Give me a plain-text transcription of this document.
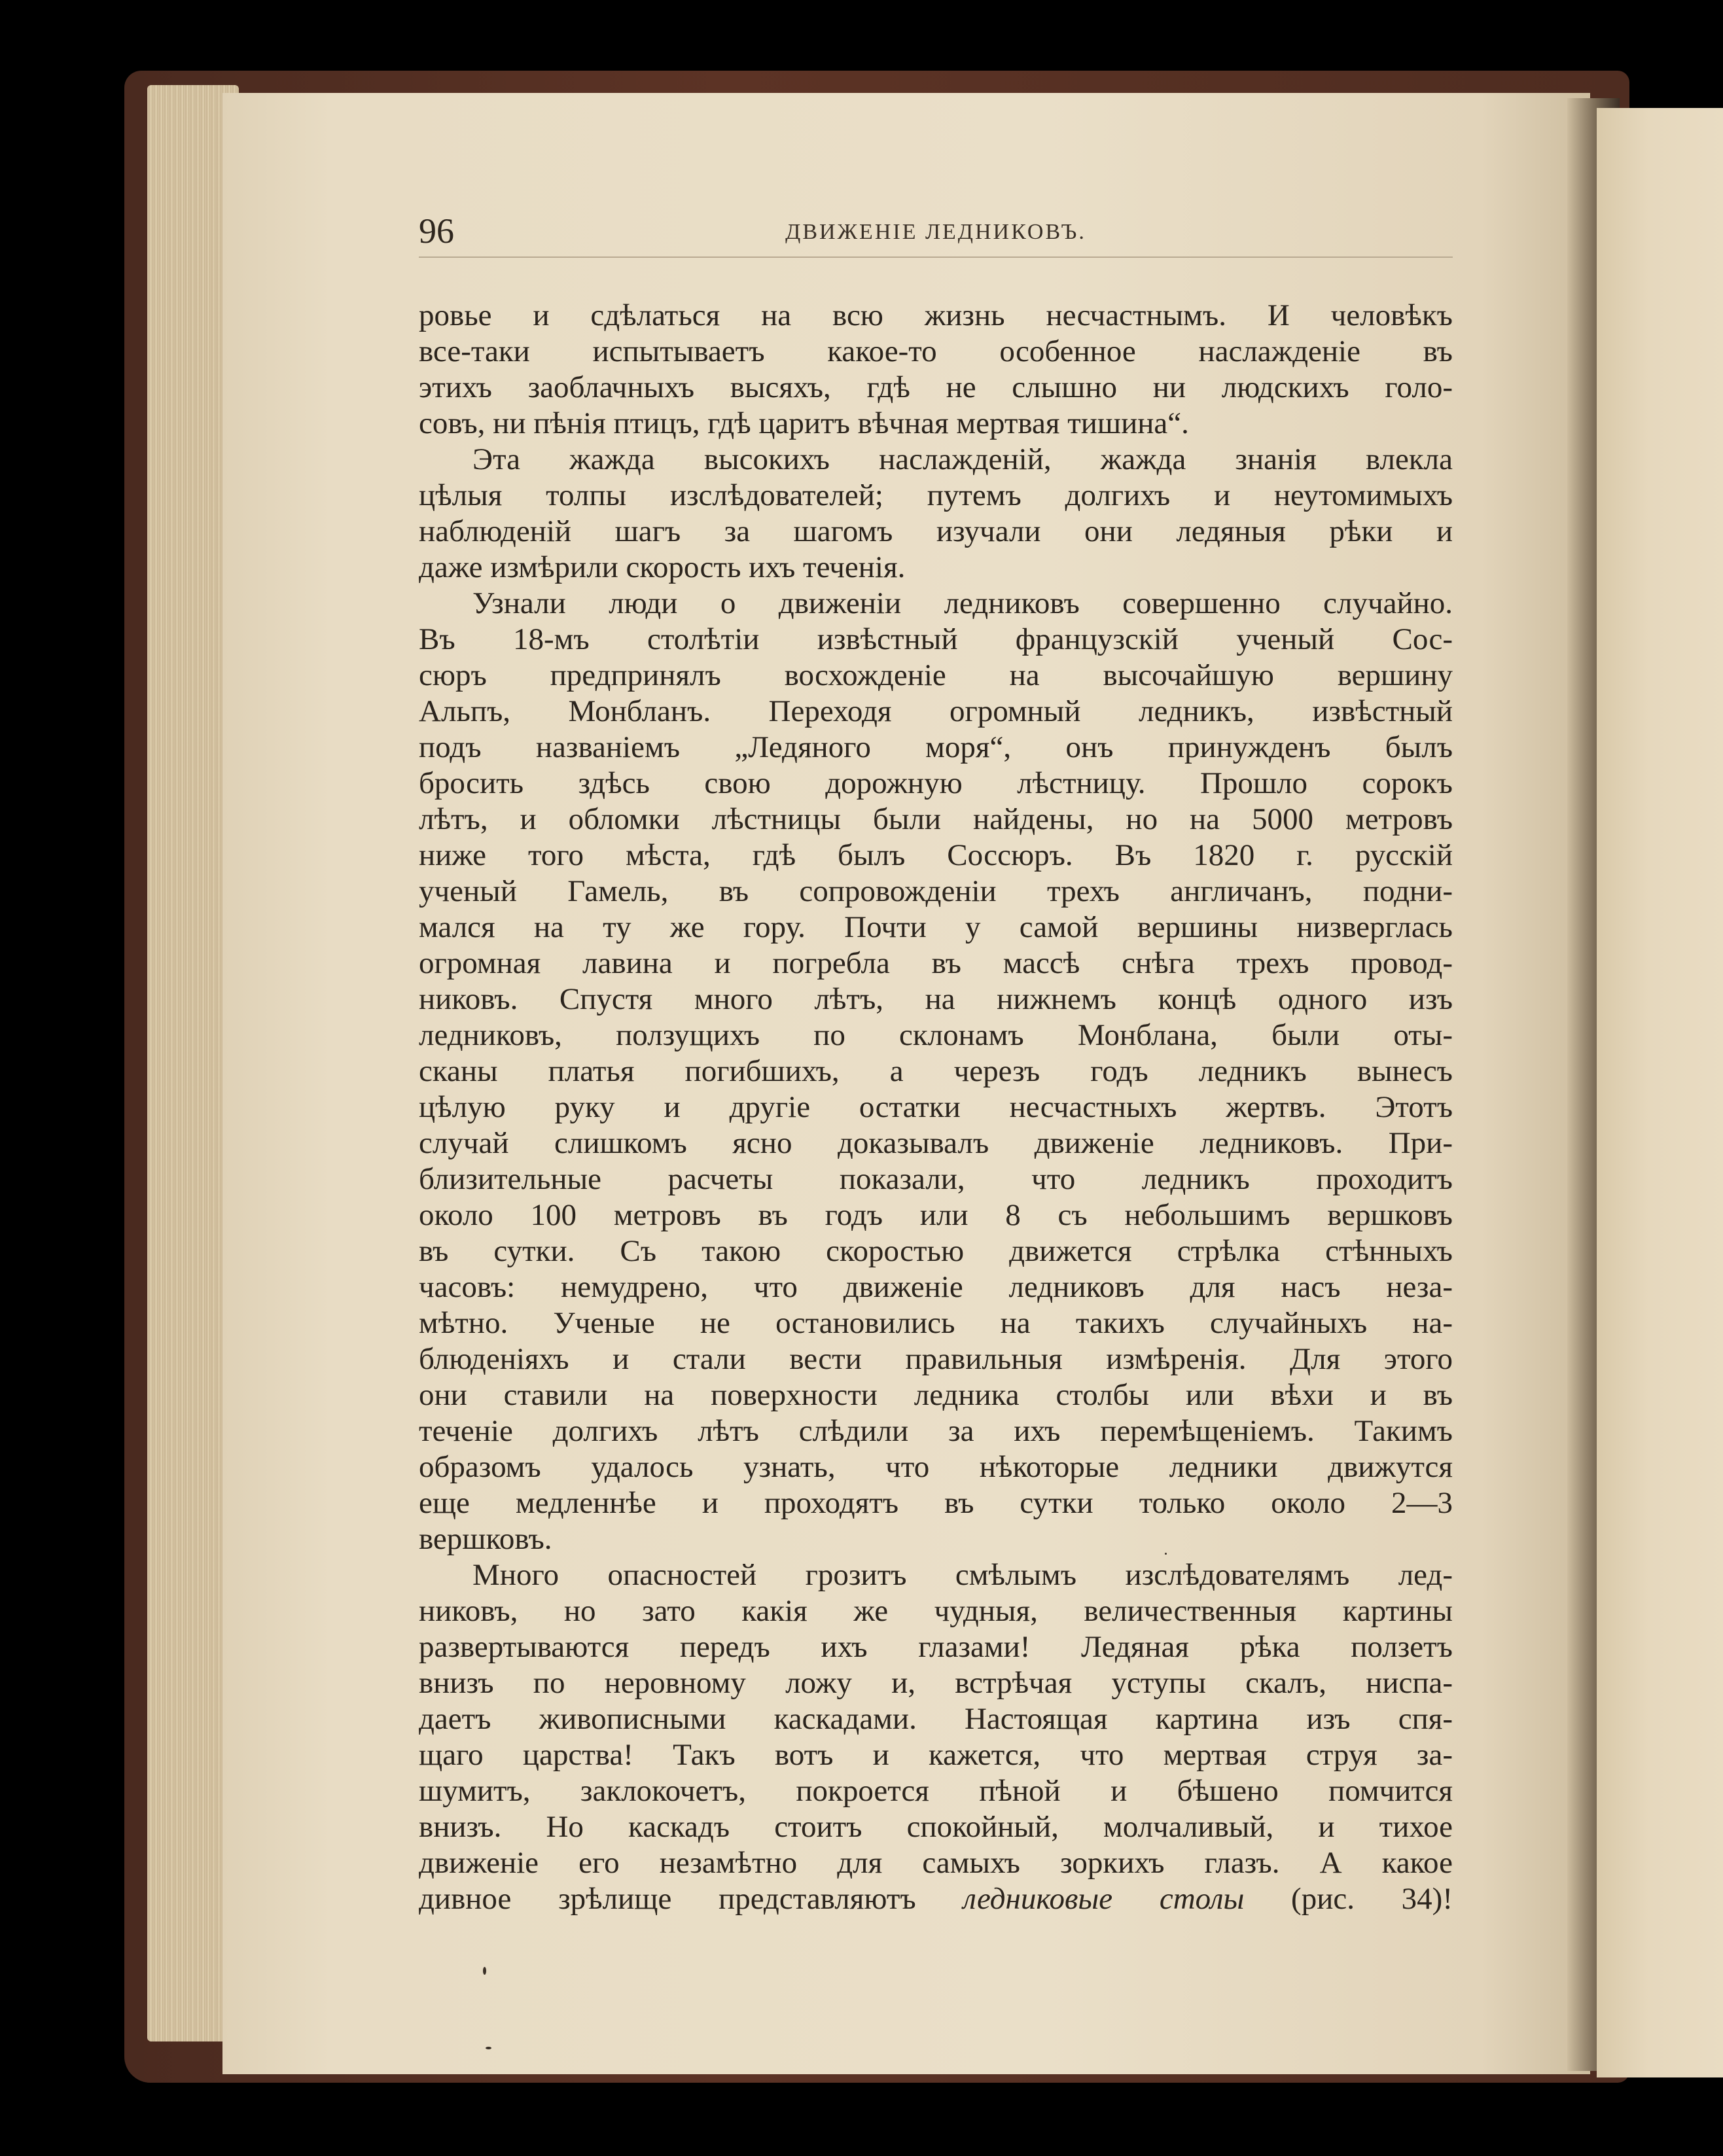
96	ДВИЖЕНІЕ ЛЕДНИКОВЪ.
ровье и сдѣлаться на всю жизнь несчастнымъ. И человѣкъ
все-таки испытываетъ какое-то особенное наслажденіе въ
этихъ заоблачныхъ высяхъ, гдѣ не слышно ни людскихъ голо-
совъ, ни пѣнія птицъ, гдѣ царитъ вѣчная мертвая тишина“.
Эта жажда высокихъ наслажденій, жажда знанія влекла
цѣлыя толпы изслѣдователей; путемъ долгихъ и неутомимыхъ
наблюденій шагъ за шагомъ изучали они ледяныя рѣки и
даже измѣрили скорость ихъ теченія.
Узнали люди о движеніи ледниковъ совершенно случайно.
Въ 18-мъ столѣтіи извѣстный французскій ученый Сос-
сюръ предпринялъ восхожденіе на высочайшую вершину
Альпъ, Монбланъ. Переходя огромный ледникъ, извѣстный
подъ названіемъ „Ледяного моря“, онъ принужденъ былъ
бросить здѣсь свою дорожную лѣстницу. Прошло сорокъ
лѣтъ, и обломки лѣстницы были найдены, но на 5000 метровъ
ниже того мѣста, гдѣ былъ Соссюръ. Въ 1820 г. русскій
ученый Гамель, въ сопровожденіи трехъ англичанъ, подни-
мался на ту же гору. Почти у самой вершины низверглась
огромная лавина и погребла въ массѣ снѣга трехъ провод-
никовъ. Спустя много лѣтъ, на нижнемъ концѣ одного изъ
ледниковъ, ползущихъ по склонамъ Монблана, были оты-
сканы платья погибшихъ, а черезъ годъ ледникъ вынесъ
цѣлую руку и другіе остатки несчастныхъ жертвъ. Этотъ
случай слишкомъ ясно доказывалъ движеніе ледниковъ. При-
близительные расчеты показали, что ледникъ проходитъ
около 100 метровъ въ годъ или 8 съ небольшимъ вершковъ
въ сутки. Съ такою скоростью движется стрѣлка стѣнныхъ
часовъ: немудрено, что движеніе ледниковъ для насъ неза-
мѣтно. Ученые не остановились на такихъ случайныхъ на-
блюденіяхъ и стали вести правильныя измѣренія. Для этого
они ставили на поверхности ледника столбы или вѣхи и въ
теченіе долгихъ лѣтъ слѣдили за ихъ перемѣщеніемъ. Такимъ
образомъ удалось узнать, что нѣкоторые ледники движутся
еще медленнѣе и проходятъ въ сутки только около 2—3
вершковъ.
Много опасностей грозитъ смѣлымъ изслѣдователямъ лед-
никовъ, но зато какія же чудныя, величественныя картины
развертываются передъ ихъ глазами! Ледяная рѣка ползетъ
внизъ по неровному ложу и, встрѣчая уступы скалъ, ниспа-
даетъ живописными каскадами. Настоящая картина изъ спя-
щаго царства! Такъ вотъ и кажется, что мертвая струя за-
шумитъ, заклокочетъ, покроется пѣной и бѣшено помчится
внизъ. Но каскадъ стоитъ спокойный, молчаливый, и тихое
движеніе его незамѣтно для самыхъ зоркихъ глазъ. А какое
дивное зрѣлище представляютъ ледниковые столы (рис. 34)!
